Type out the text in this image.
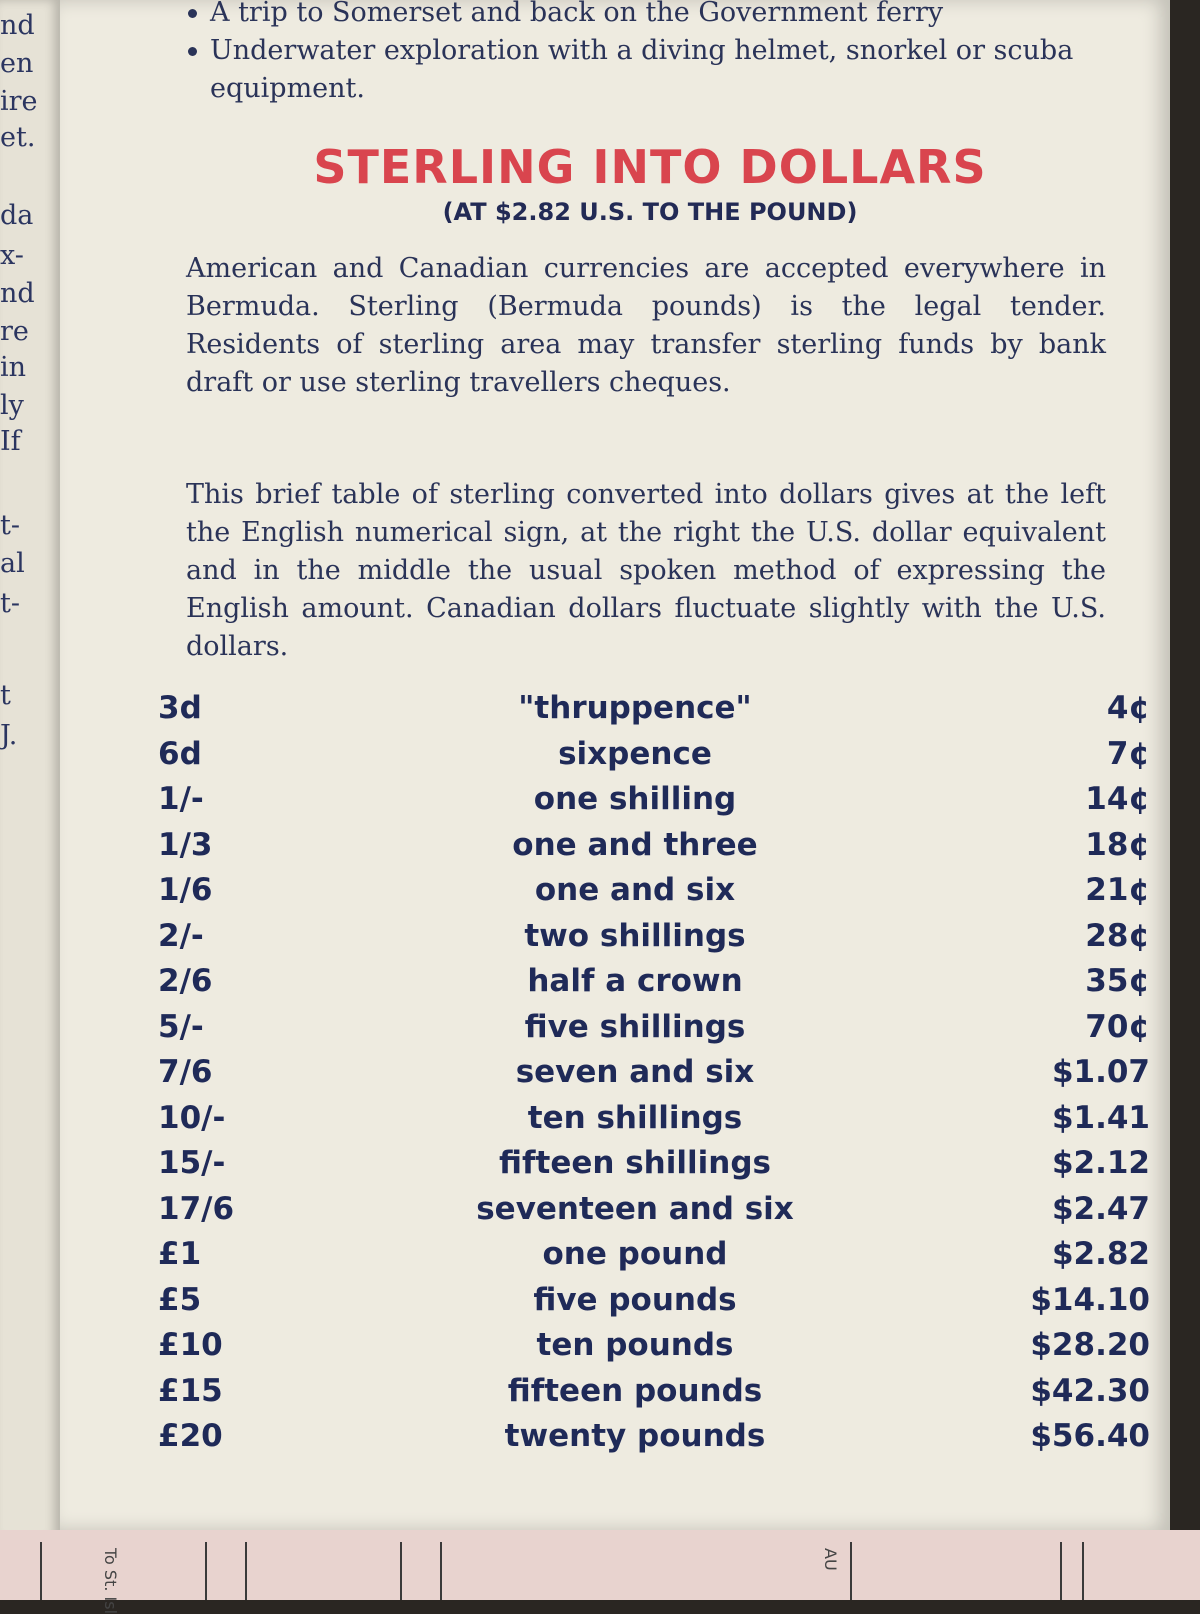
nd
en
ire
et.
da
x-
nd
re
in
ly
If
t-
al
t-
t
J.
A trip to Somerset and back on the Government ferry
Underwater exploration with a diving helmet, snorkel or scuba equipment.
STERLING INTO DOLLARS
(AT $2.82 U.S. TO THE POUND)
American and Canadian currencies are accepted everywhere in Bermuda. Sterling (Bermuda pounds) is the legal tender. Residents of sterling area may transfer sterling funds by bank draft or use sterling travellers cheques.
This brief table of sterling converted into dollars gives at the left the English numerical sign, at the right the U.S. dollar equivalent and in the middle the usual spoken method of expressing the English amount. Canadian dollars fluctuate slightly with the U.S. dollars.
3d	"thruppence"	4¢
6d	sixpence	7¢
1/-	one shilling	14¢
1/3	one and three	18¢
1/6	one and six	21¢
2/-	two shillings	28¢
2/6	half a crown	35¢
5/-	five shillings	70¢
7/6	seven and six	$1.07
10/-	ten shillings	$1.41
15/-	fifteen shillings	$2.12
17/6	seventeen and six	$2.47
£1	one pound	$2.82
£5	five pounds	$14.10
£10	ten pounds	$28.20
£15	fifteen pounds	$42.30
£20	twenty pounds	$56.40
To St. Isl	AU
